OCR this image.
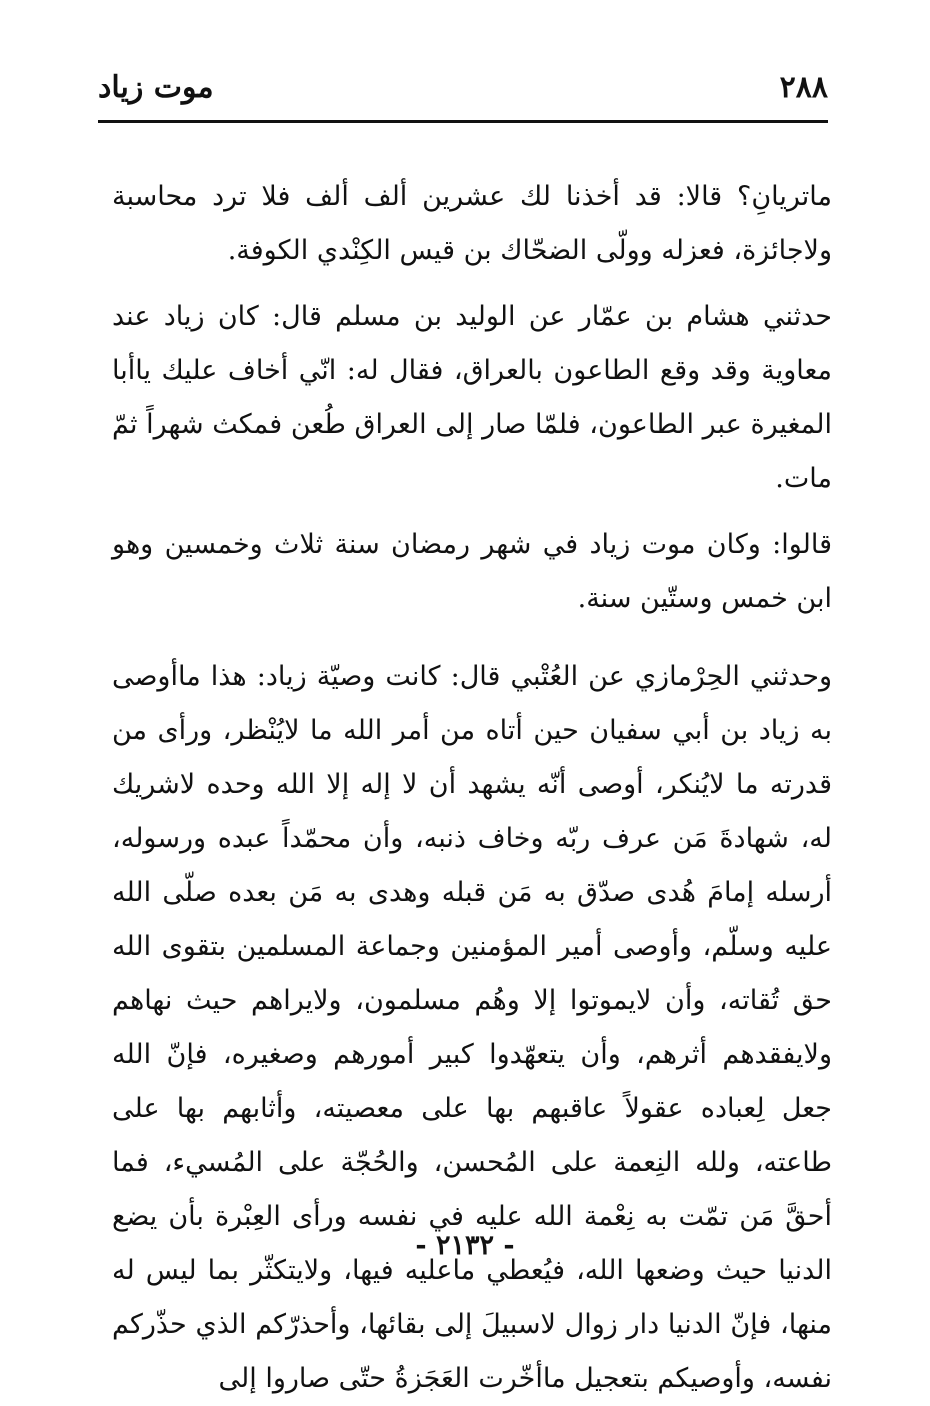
٢٨٨
موت زياد

ماتريانِ؟ قالا: قد أخذنا لك عشرين ألف ألف فلا ترد محاسبة ولاجائزة، فعزله وولّى الضحّاك بن قيس الكِنْدي الكوفة.

حدثني هشام بن عمّار عن الوليد بن مسلم قال: كان زياد عند معاوية وقد وقع الطاعون بالعراق، فقال له: انّي أخاف عليك ياأبا المغيرة عبر الطاعون، فلمّا صار إلى العراق طُعن فمكث شهراً ثمّ مات.

قالوا: وكان موت زياد في شهر رمضان سنة ثلاث وخمسين وهو ابن خمس وستّين سنة.

وحدثني الحِرْمازي عن العُتْبي قال: كانت وصيّة زياد: هذا ماأوصى به زياد بن أبي سفيان حين أتاه من أمر الله ما لايُنْظر، ورأى من قدرته ما لايُنكر، أوصى أنّه يشهد أن لا إله إلا الله وحده لاشريك له، شهادةَ مَن عرف ربّه وخاف ذنبه، وأن محمّداً عبده ورسوله، أرسله إمامَ هُدى صدّق به مَن قبله وهدى به مَن بعده صلّى الله عليه وسلّم، وأوصى أمير المؤمنين وجماعة المسلمين بتقوى الله حق تُقاته، وأن لايموتوا إلا وهُم مسلمون، ولايراهم حيث نهاهم ولايفقدهم أثرهم، وأن يتعهّدوا كبير أمورهم وصغيره، فإنّ الله جعل لِعباده عقولاً عاقبهم بها على معصيته، وأثابهم بها على طاعته، ولله النِعمة على المُحسن، والحُجّة على المُسيء، فما أحقَّ مَن تمّت به نِعْمة الله عليه في نفسه ورأى العِبْرة بأن يضع الدنيا حيث وضعها الله، فيُعطي ماعليه فيها، ولايتكثّر بما ليس له منها، فإنّ الدنيا دار زوال لاسبيلَ إلى بقائها، وأحذرّكم الذي حذّركم نفسه، وأوصيكم بتعجيل ماأخّرت العَجَزةُ حتّى صاروا إلى

- ٢١٣٢ -
